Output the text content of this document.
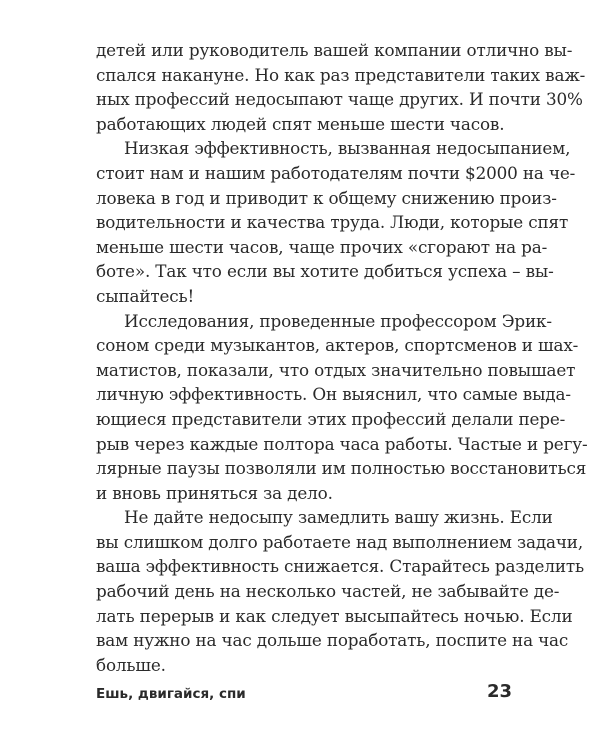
детей или руководитель вашей компании отлично вы-
спался накануне. Но как раз представители таких важ-
ных профессий недосыпают чаще других. И почти 30%
работающих людей спят меньше шести часов.
Низкая эффективность, вызванная недосыпанием,
стоит нам и нашим работодателям почти $2000 на че-
ловека в год и приводит к общему снижению произ-
водительности и качества труда. Люди, которые спят
меньше шести часов, чаще прочих «сгорают на ра-
боте». Так что если вы хотите добиться успеха – вы-
сыпайтесь!
Исследования, проведенные профессором Эрик-
соном среди музыкантов, актеров, спортсменов и шах-
матистов, показали, что отдых значительно повышает
личную эффективность. Он выяснил, что самые выда-
ющиеся представители этих профессий делали пере-
рыв через каждые полтора часа работы. Частые и регу-
лярные паузы позволяли им полностью восстановиться
и вновь приняться за дело.
Не дайте недосыпу замедлить вашу жизнь. Если
вы слишком долго работаете над выполнением задачи,
ваша эффективность снижается. Старайтесь разделить
рабочий день на несколько частей, не забывайте де-
лать перерыв и как следует высыпайтесь ночью. Если
вам нужно на час дольше поработать, поспите на час
больше.
Ешь, двигайся, спи	23
